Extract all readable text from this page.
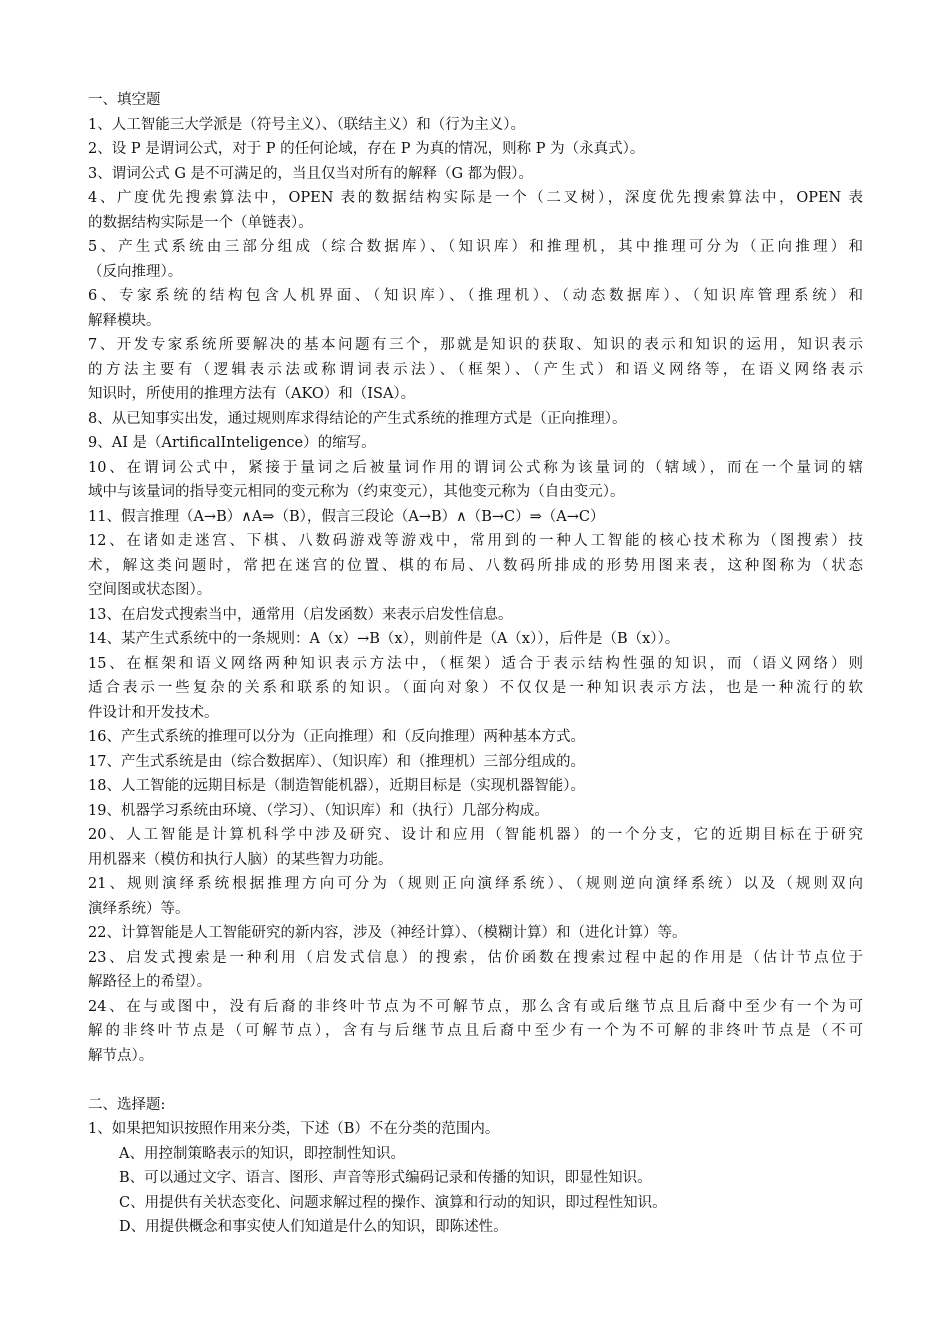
一、填空题
1、人工智能三大学派是（符号主义）、（联结主义）和（行为主义）。
2、设 P 是谓词公式，对于 P 的任何论域，存在 P 为真的情况，则称 P 为（永真式）。
3、谓词公式 G 是不可满足的，当且仅当对所有的解释（G 都为假）。
4、广度优先搜索算法中，OPEN 表的数据结构实际是一个（二叉树），深度优先搜索算法中，OPEN 表
的数据结构实际是一个（单链表）。
5、产生式系统由三部分组成（综合数据库）、（知识库）和推理机，其中推理可分为（正向推理）和
（反向推理）。
6、专家系统的结构包含人机界面、（知识库）、（推理机）、（动态数据库）、（知识库管理系统）和
解释模块。
7、开发专家系统所要解决的基本问题有三个，那就是知识的获取、知识的表示和知识的运用，知识表示
的方法主要有（逻辑表示法或称谓词表示法）、（框架）、（产生式）和语义网络等，在语义网络表示
知识时，所使用的推理方法有（AKO）和（ISA）。
8、从已知事实出发，通过规则库求得结论的产生式系统的推理方式是（正向推理）。
9、AI 是（ArtificalInteligence）的缩写。
10、在谓词公式中，紧接于量词之后被量词作用的谓词公式称为该量词的（辖域），而在一个量词的辖
域中与该量词的指导变元相同的变元称为（约束变元），其他变元称为（自由变元）。
11、假言推理（A→B）∧A⇒（B），假言三段论（A→B）∧（B→C）⇒（A→C）
12、在诸如走迷宫、下棋、八数码游戏等游戏中，常用到的一种人工智能的核心技术称为（图搜索）技
术，解这类问题时，常把在迷宫的位置、棋的布局、八数码所排成的形势用图来表，这种图称为（状态
空间图或状态图）。
13、在启发式搜索当中，通常用（启发函数）来表示启发性信息。
14、某产生式系统中的一条规则：A（x）→B（x），则前件是（A（x）），后件是（B（x））。
15、在框架和语义网络两种知识表示方法中，（框架）适合于表示结构性强的知识，而（语义网络）则
适合表示一些复杂的关系和联系的知识。（面向对象）不仅仅是一种知识表示方法，也是一种流行的软
件设计和开发技术。
16、产生式系统的推理可以分为（正向推理）和（反向推理）两种基本方式。
17、产生式系统是由（综合数据库）、（知识库）和（推理机）三部分组成的。
18、人工智能的远期目标是（制造智能机器），近期目标是（实现机器智能）。
19、机器学习系统由环境、（学习）、（知识库）和（执行）几部分构成。
20、人工智能是计算机科学中涉及研究、设计和应用（智能机器）的一个分支，它的近期目标在于研究
用机器来（模仿和执行人脑）的某些智力功能。
21、规则演绎系统根据推理方向可分为（规则正向演绎系统）、（规则逆向演绎系统）以及（规则双向
演绎系统）等。
22、计算智能是人工智能研究的新内容，涉及（神经计算）、（模糊计算）和（进化计算）等。
23、启发式搜索是一种利用（启发式信息）的搜索，估价函数在搜索过程中起的作用是（估计节点位于
解路径上的希望）。
24、在与或图中，没有后裔的非终叶节点为不可解节点，那么含有或后继节点且后裔中至少有一个为可
解的非终叶节点是（可解节点），含有与后继节点且后裔中至少有一个为不可解的非终叶节点是（不可
解节点）。
二、选择题:
1、如果把知识按照作用来分类，下述（B）不在分类的范围内。
A、用控制策略表示的知识，即控制性知识。
B、可以通过文字、语言、图形、声音等形式编码记录和传播的知识，即显性知识。
C、用提供有关状态变化、问题求解过程的操作、演算和行动的知识，即过程性知识。
D、用提供概念和事实使人们知道是什么的知识，即陈述性。
